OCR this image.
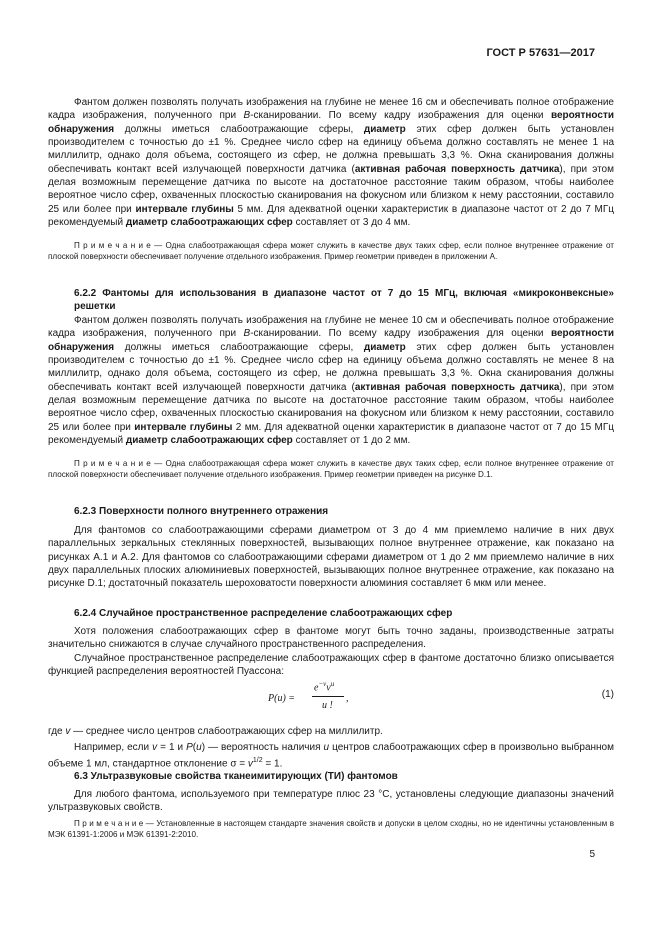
ГОСТ Р 57631—2017
Фантом должен позволять получать изображения на глубине не менее 16 см и обеспечивать полное отображение кадра изображения, полученного при B-сканировании. По всему кадру изображения для оценки вероятности обнаружения должны иметься слабоотражающие сферы, диаметр этих сфер должен быть установлен производителем с точностью до ±1 %. Среднее число сфер на единицу объема должно составлять не менее 1 на миллилитр, однако доля объема, состоящего из сфер, не должна превышать 3,3 %. Окна сканирования должны обеспечивать контакт всей излучающей поверхности датчика (активная рабочая поверхность датчика), при этом делая возможным перемещение датчика по высоте на достаточное расстояние таким образом, чтобы наиболее вероятное число сфер, охваченных плоскостью сканирования на фокусном или близком к нему расстоянии, составило 25 или более при интервале глубины 5 мм. Для адекватной оценки характеристик в диапазоне частот от 2 до 7 МГц рекомендуемый диаметр слабоотражающих сфер составляет от 3 до 4 мм.
П р и м е ч а н и е — Одна слабоотражающая сфера может служить в качестве двух таких сфер, если полное внутреннее отражение от плоской поверхности обеспечивает получение отдельного изображения. Пример геометрии приведен в приложении А.
6.2.2 Фантомы для использования в диапазоне частот от 7 до 15 МГц, включая «микроконвексные» решетки
Фантом должен позволять получать изображения на глубине не менее 10 см и обеспечивать полное отображение кадра изображения, полученного при B-сканировании. По всему кадру изображения для оценки вероятности обнаружения должны иметься слабоотражающие сферы, диаметр этих сфер должен быть установлен производителем с точностью до ±1 %. Среднее число сфер на единицу объема должно составлять не менее 8 на миллилитр, однако доля объема, состоящего из сфер, не должна превышать 3,3 %. Окна сканирования должны обеспечивать контакт всей излучающей поверхности датчика (активная рабочая поверхность датчика), при этом делая возможным перемещение датчика по высоте на достаточное расстояние таким образом, чтобы наиболее вероятное число сфер, охваченных плоскостью сканирования на фокусном или близком к нему расстоянии, составило 25 или более при интервале глубины 2 мм. Для адекватной оценки характеристик в диапазоне частот от 7 до 15 МГц рекомендуемый диаметр слабоотражающих сфер составляет от 1 до 2 мм.
П р и м е ч а н и е — Одна слабоотражающая сфера может служить в качестве двух таких сфер, если полное внутреннее отражение от плоской поверхности обеспечивает получение отдельного изображения. Пример геометрии приведен на рисунке D.1.
6.2.3 Поверхности полного внутреннего отражения
Для фантомов со слабоотражающими сферами диаметром от 3 до 4 мм приемлемо наличие в них двух параллельных зеркальных стеклянных поверхностей, вызывающих полное внутреннее отражение, как показано на рисунках А.1 и А.2. Для фантомов со слабоотражающими сферами диаметром от 1 до 2 мм приемлемо наличие в них двух параллельных плоских алюминиевых поверхностей, вызывающих полное внутреннее отражение, как показано на рисунке D.1; достаточный показатель шероховатости поверхности алюминия составляет 6 мкм или менее.
6.2.4 Случайное пространственное распределение слабоотражающих сфер
Хотя положения слабоотражающих сфер в фантоме могут быть точно заданы, производственные затраты значительно снижаются в случае случайного пространственного распределения.
Случайное пространственное распределение слабоотражающих сфер в фантоме достаточно близко описывается функцией распределения вероятностей Пуассона:
P(u) =
$e^{-v}v^u$
u !
,	(1)
где v — среднее число центров слабоотражающих сфер на миллилитр.
Например, если v = 1 и P(u) — вероятность наличия u центров слабоотражающих сфер в произвольно выбранном объеме 1 мл, стандартное отклонение $\sigma = v^{1/2} = 1$.
6.3 Ультразвуковые свойства тканеимитирующих (ТИ) фантомов
Для любого фантома, используемого при температуре плюс 23 °С, установлены следующие диапазоны значений ультразвуковых свойств.
П р и м е ч а н и е — Установленные в настоящем стандарте значения свойств и допуски в целом сходны, но не идентичны установленным в МЭК 61391-1:2006 и МЭК 61391-2:2010.
5
